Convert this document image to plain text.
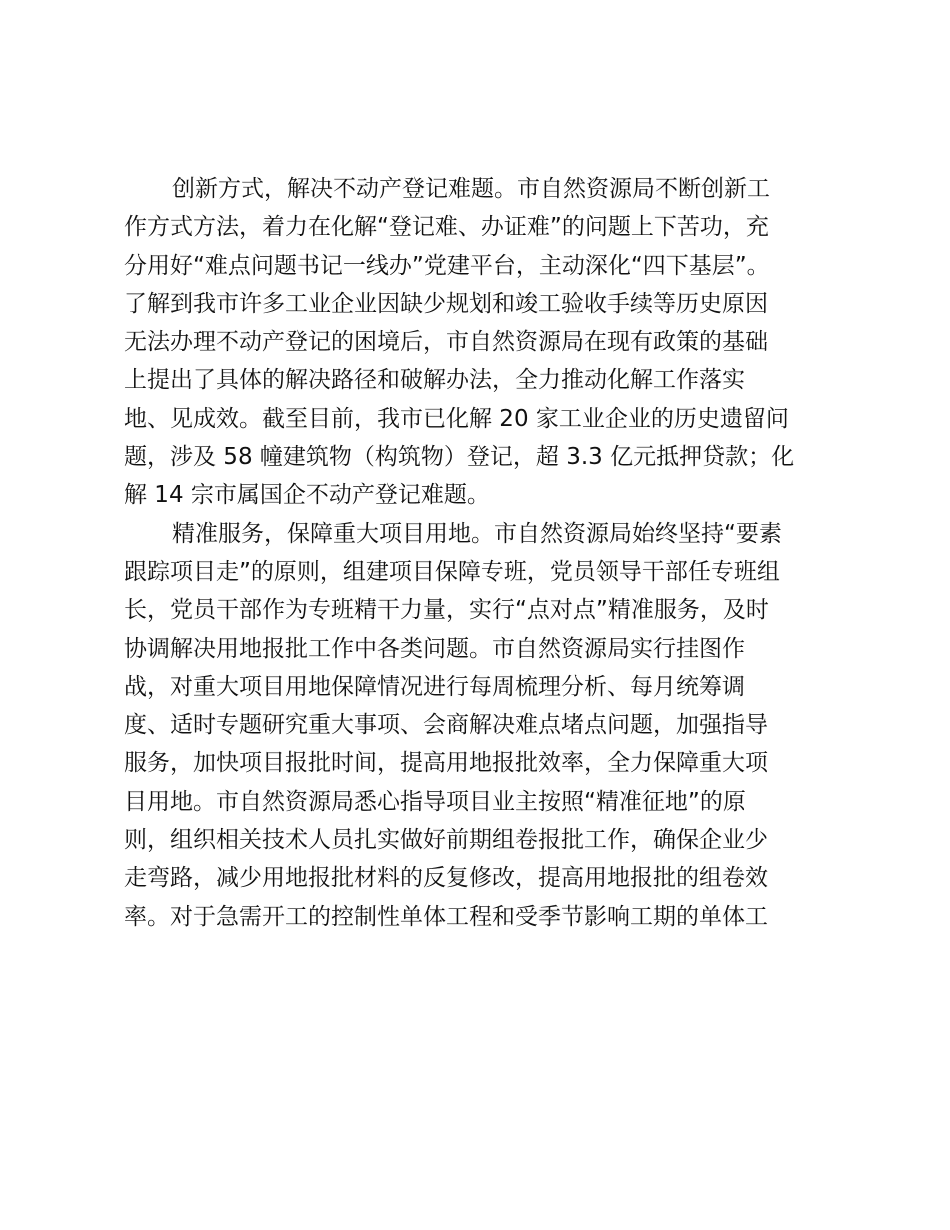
创新方式，解决不动产登记难题。市自然资源局不断创新工
作方式方法，着力在化解“登记难、办证难”的问题上下苦功，充
分用好“难点问题书记一线办”党建平台，主动深化“四下基层”。
了解到我市许多工业企业因缺少规划和竣工验收手续等历史原因
无法办理不动产登记的困境后，市自然资源局在现有政策的基础
上提出了具体的解决路径和破解办法，全力推动化解工作落实
地、见成效。截至目前，我市已化解 20 家工业企业的历史遗留问
题，涉及 58 幢建筑物（构筑物）登记，超 3.3 亿元抵押贷款；化
解 14 宗市属国企不动产登记难题。
精准服务，保障重大项目用地。市自然资源局始终坚持“要素
跟踪项目走”的原则，组建项目保障专班，党员领导干部任专班组
长，党员干部作为专班精干力量，实行“点对点”精准服务，及时
协调解决用地报批工作中各类问题。市自然资源局实行挂图作
战，对重大项目用地保障情况进行每周梳理分析、每月统筹调
度、适时专题研究重大事项、会商解决难点堵点问题，加强指导
服务，加快项目报批时间，提高用地报批效率，全力保障重大项
目用地。市自然资源局悉心指导项目业主按照“精准征地”的原
则，组织相关技术人员扎实做好前期组卷报批工作，确保企业少
走弯路，减少用地报批材料的反复修改，提高用地报批的组卷效
率。对于急需开工的控制性单体工程和受季节影响工期的单体工
